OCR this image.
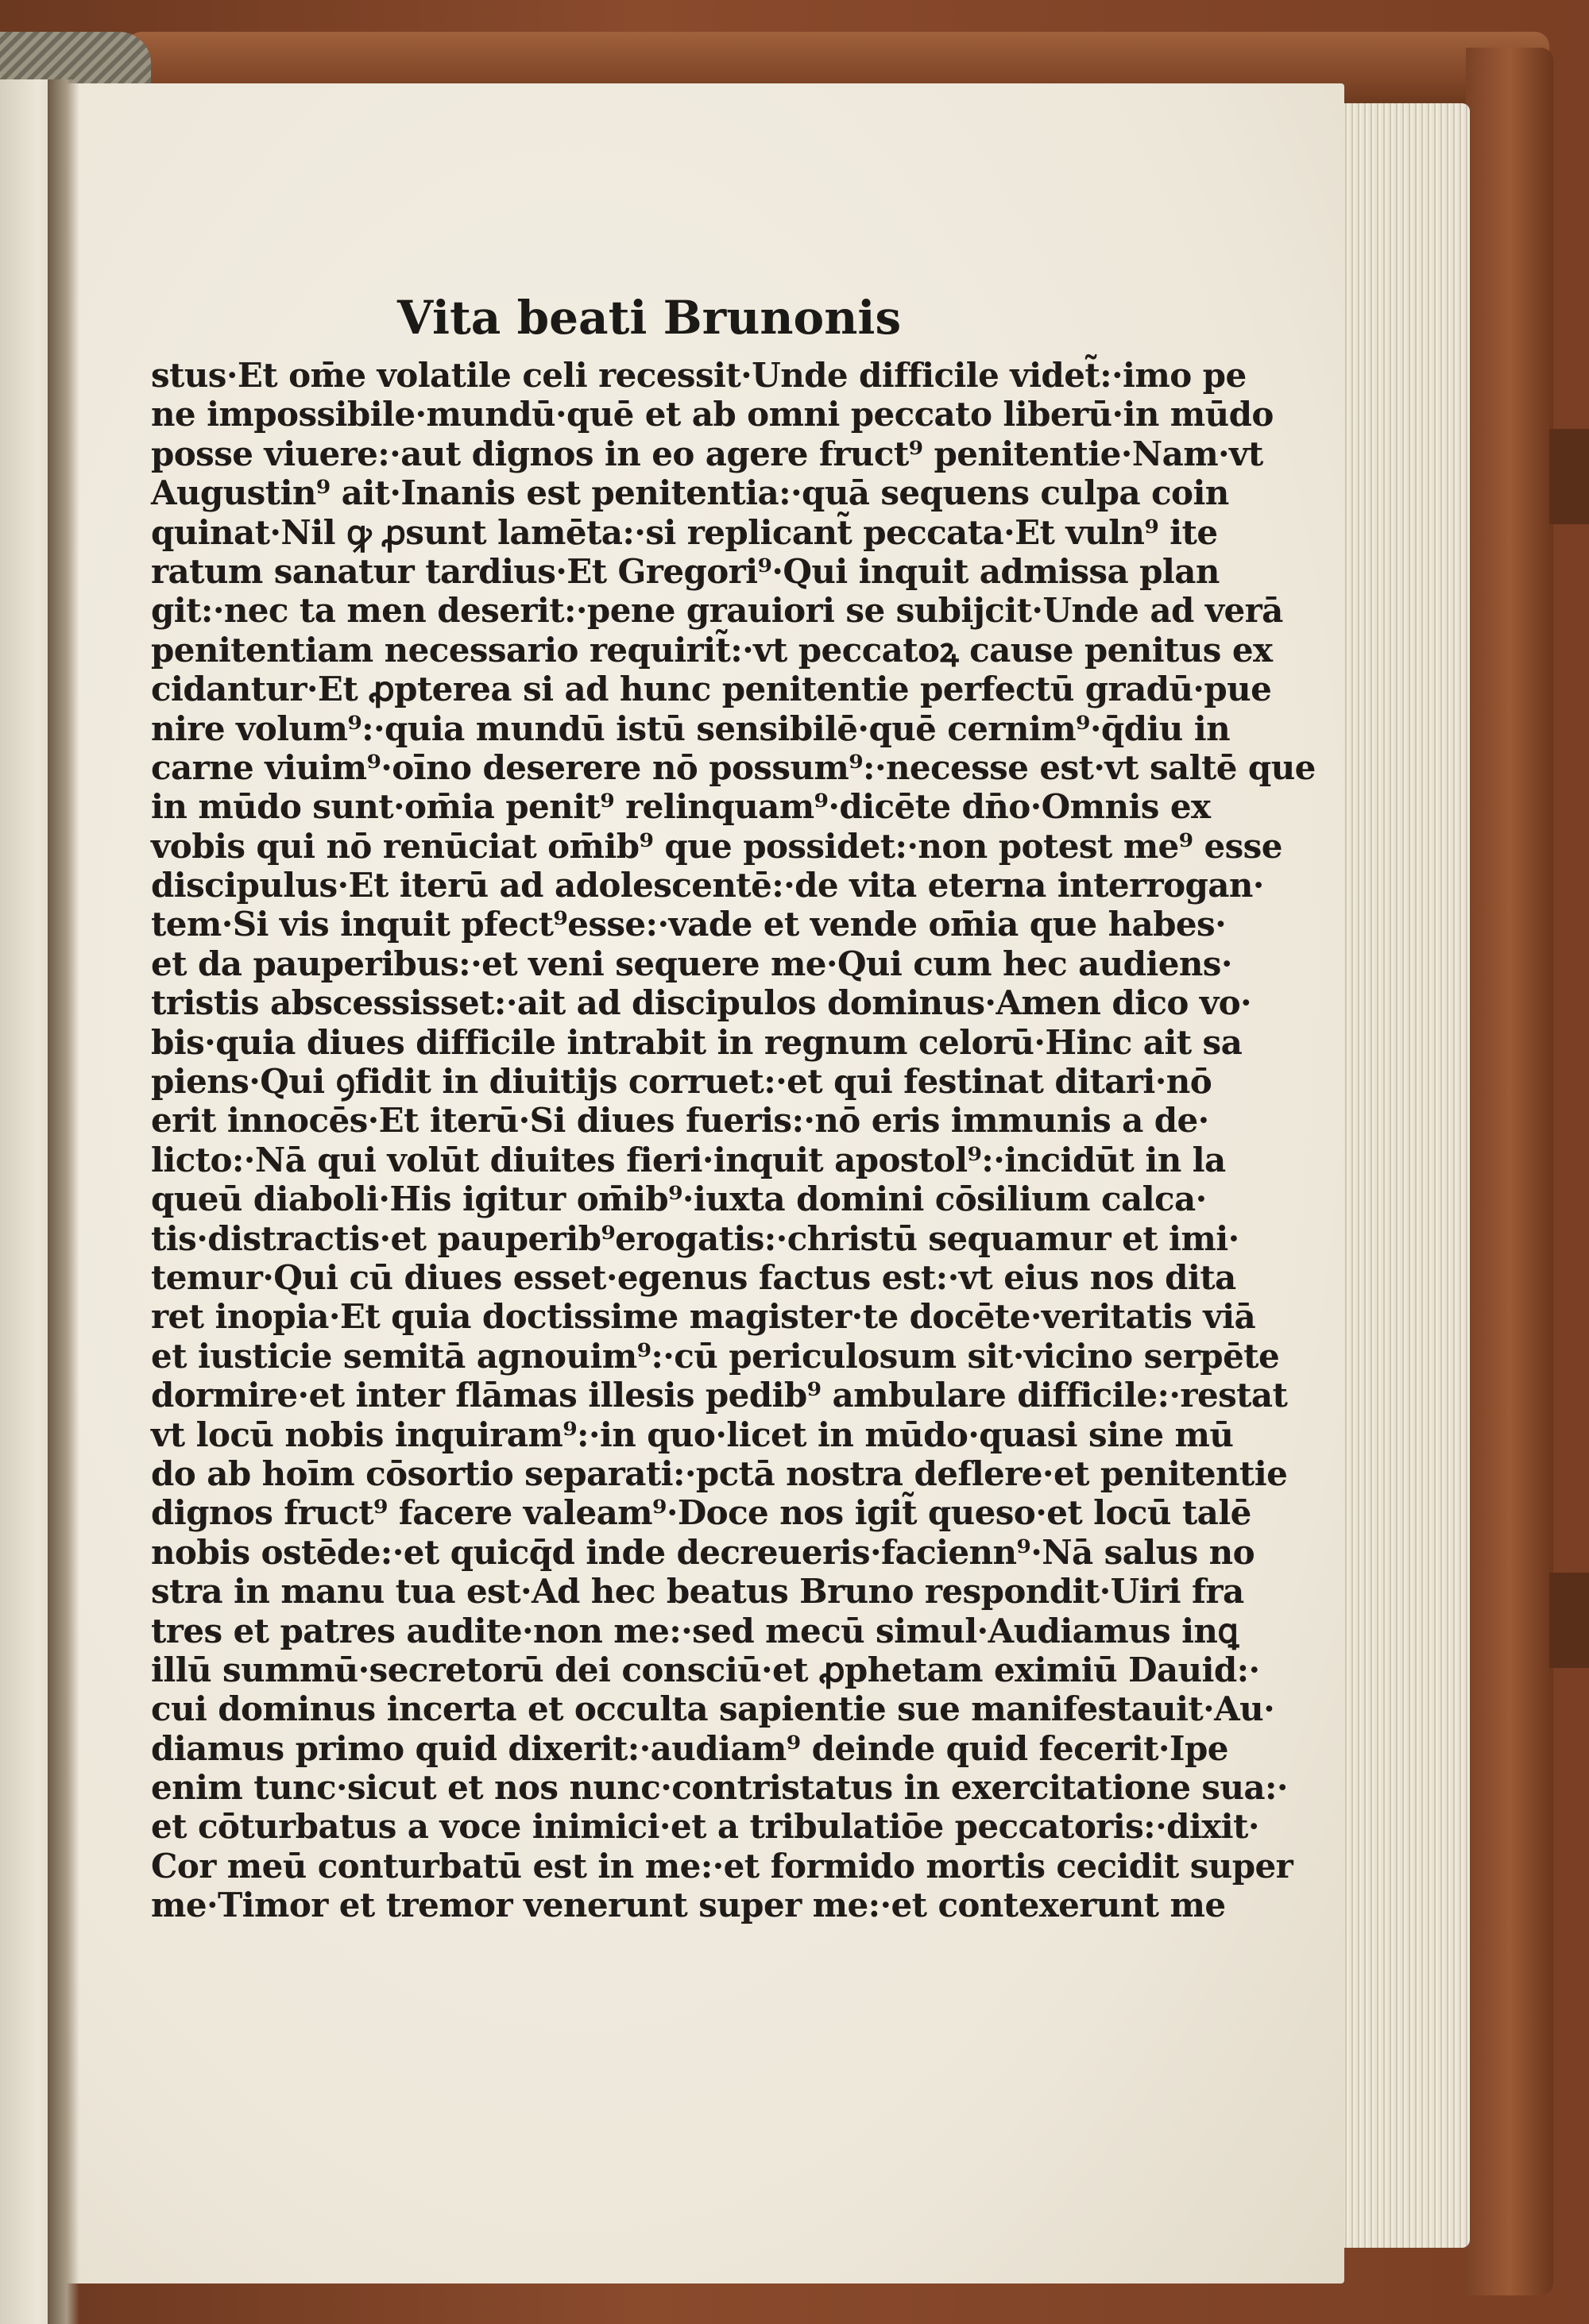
Vita beati Brunonis
stus·Et om̄e volatile celi recessit·Unde difficile videt̃:·imo pe
ne impossibile·mundū·quē et ab omni peccato liberū·in mūdo
posse viuere:·aut dignos in eo agere fruct⁹ penitentie·Nam·vt
Augustin⁹ ait·Inanis est penitentia:·quā sequens culpa coin
quinat·Nil ꝙ ꝓsunt lamēta:·si replicant̃ peccata·Et vuln⁹ ite
ratum sanatur tardius·Et Gregori⁹·Qui inquit admissa plan
git:·nec ta men deserit:·pene grauiori se subijcit·Unde ad verā
penitentiam necessario requirit̃:·vt peccatoꝝ cause penitus ex
cidantur·Et ꝓpterea si ad hunc penitentie perfectū gradū·pue
nire volum⁹:·quia mundū istū sensibilē·quē cernim⁹·q̄diu in
carne viuim⁹·oīno deserere nō possum⁹:·necesse est·vt saltē que
in mūdo sunt·om̄ia penit⁹ relinquam⁹·dicēte dn̄o·Omnis ex
vobis qui nō renūciat om̄ib⁹ que possidet:·non potest me⁹ esse
discipulus·Et iterū ad adolescentē:·de vita eterna interrogan·
tem·Si vis inquit pfect⁹esse:·vade et vende om̄ia que habes·
et da pauperibus:·et veni sequere me·Qui cum hec audiens·
tristis abscessisset:·ait ad discipulos dominus·Amen dico vo·
bis·quia diues difficile intrabit in regnum celorū·Hinc ait sa
piens·Qui ꝯfidit in diuitijs corruet:·et qui festinat ditari·nō
erit innocēs·Et iterū·Si diues fueris:·nō eris immunis a de·
licto:·Nā qui volūt diuites fieri·inquit apostol⁹:·incidūt in la
queū diaboli·His igitur om̄ib⁹·iuxta domini cōsilium calca·
tis·distractis·et pauperib⁹erogatis:·christū sequamur et imi·
temur·Qui cū diues esset·egenus factus est:·vt eius nos dita
ret inopia·Et quia doctissime magister·te docēte·veritatis viā
et iusticie semitā agnouim⁹:·cū periculosum sit·vicino serpēte
dormire·et inter flāmas illesis pedib⁹ ambulare difficile:·restat
vt locū nobis inquiram⁹:·in quo·licet in mūdo·quasi sine mū
do ab hoīm cōsortio separati:·pctā nostra deflere·et penitentie
dignos fruct⁹ facere valeam⁹·Doce nos igit̃ queso·et locū talē
nobis ostēde:·et quicq̄d inde decreueris·facienn⁹·Nā salus no
stra in manu tua est·Ad hec beatus Bruno respondit·Uiri fra
tres et patres audite·non me:·sed mecū simul·Audiamus inꝗ
illū summū·secretorū dei consciū·et ꝓphetam eximiū Dauid:·
cui dominus incerta et occulta sapientie sue manifestauit·Au·
diamus primo quid dixerit:·audiam⁹ deinde quid fecerit·Ipe
enim tunc·sicut et nos nunc·contristatus in exercitatione sua:·
et cōturbatus a voce inimici·et a tribulatiōe peccatoris:·dixit·
Cor meū conturbatū est in me:·et formido mortis cecidit super
me·Timor et tremor venerunt super me:·et contexerunt me
